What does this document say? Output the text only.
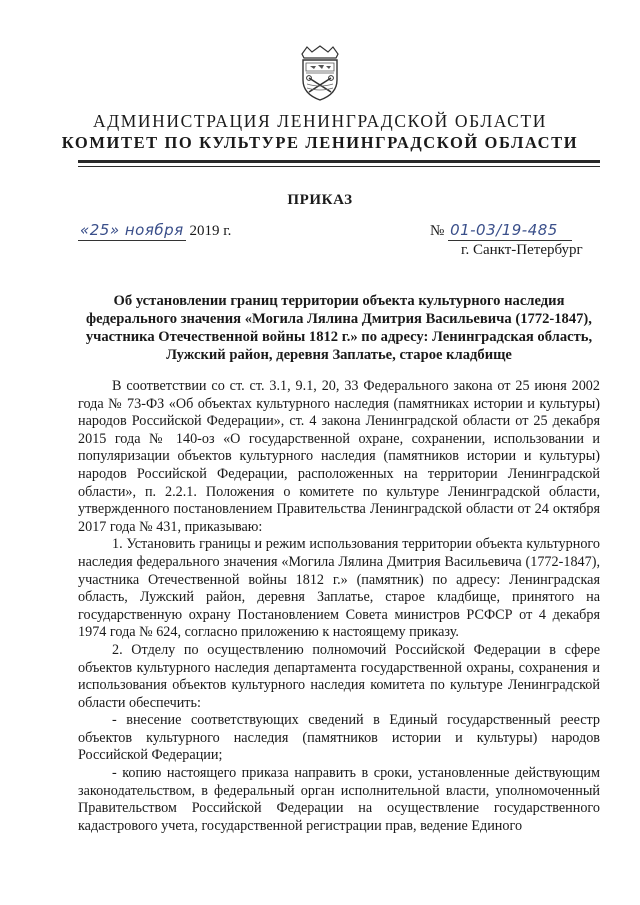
АДМИНИСТРАЦИЯ ЛЕНИНГРАДСКОЙ ОБЛАСТИ
КОМИТЕТ ПО КУЛЬТУРЕ ЛЕНИНГРАДСКОЙ ОБЛАСТИ
ПРИКАЗ
«25» ноября 2019 г.	№ 01-03/19-485
г. Санкт-Петербург
Об установлении границ территории объекта культурного наследия
федерального значения «Могила Лялина Дмитрия Васильевича (1772-1847),
участника Отечественной войны 1812 г.» по адресу: Ленинградская область,
Лужский район, деревня Заплатье, старое кладбище

В соответствии со ст. ст. 3.1, 9.1, 20, 33 Федерального закона от 25 июня 2002 года № 73-ФЗ «Об объектах культурного наследия (памятниках истории и культуры) народов Российской Федерации», ст. 4 закона Ленинградской области от 25 декабря 2015 года № 140-оз «О государственной охране, сохранении, использовании и популяризации объектов культурного наследия (памятников истории и культуры) народов Российской Федерации, расположенных на территории Ленинградской области», п. 2.2.1. Положения о комитете по культуре Ленинградской области, утвержденного постановлением Правительства Ленинградской области от 24 октября 2017 года № 431, приказываю:

1. Установить границы и режим использования территории объекта культурного наследия федерального значения «Могила Лялина Дмитрия Васильевича (1772-1847), участника Отечественной войны 1812 г.» (памятник) по адресу: Ленинградская область, Лужский район, деревня Заплатье, старое кладбище, принятого на государственную охрану Постановлением Совета министров РСФСР от 4 декабря 1974 года № 624, согласно приложению к настоящему приказу.

2. Отделу по осуществлению полномочий Российской Федерации в сфере объектов культурного наследия департамента государственной охраны, сохранения и использования объектов культурного наследия комитета по культуре Ленинградской области обеспечить:

- внесение соответствующих сведений в Единый государственный реестр объектов культурного наследия (памятников истории и культуры) народов Российской Федерации;

- копию настоящего приказа направить в сроки, установленные действующим законодательством, в федеральный орган исполнительной власти, уполномоченный Правительством Российской Федерации на осуществление государственного кадастрового учета, государственной регистрации прав, ведение Единого
